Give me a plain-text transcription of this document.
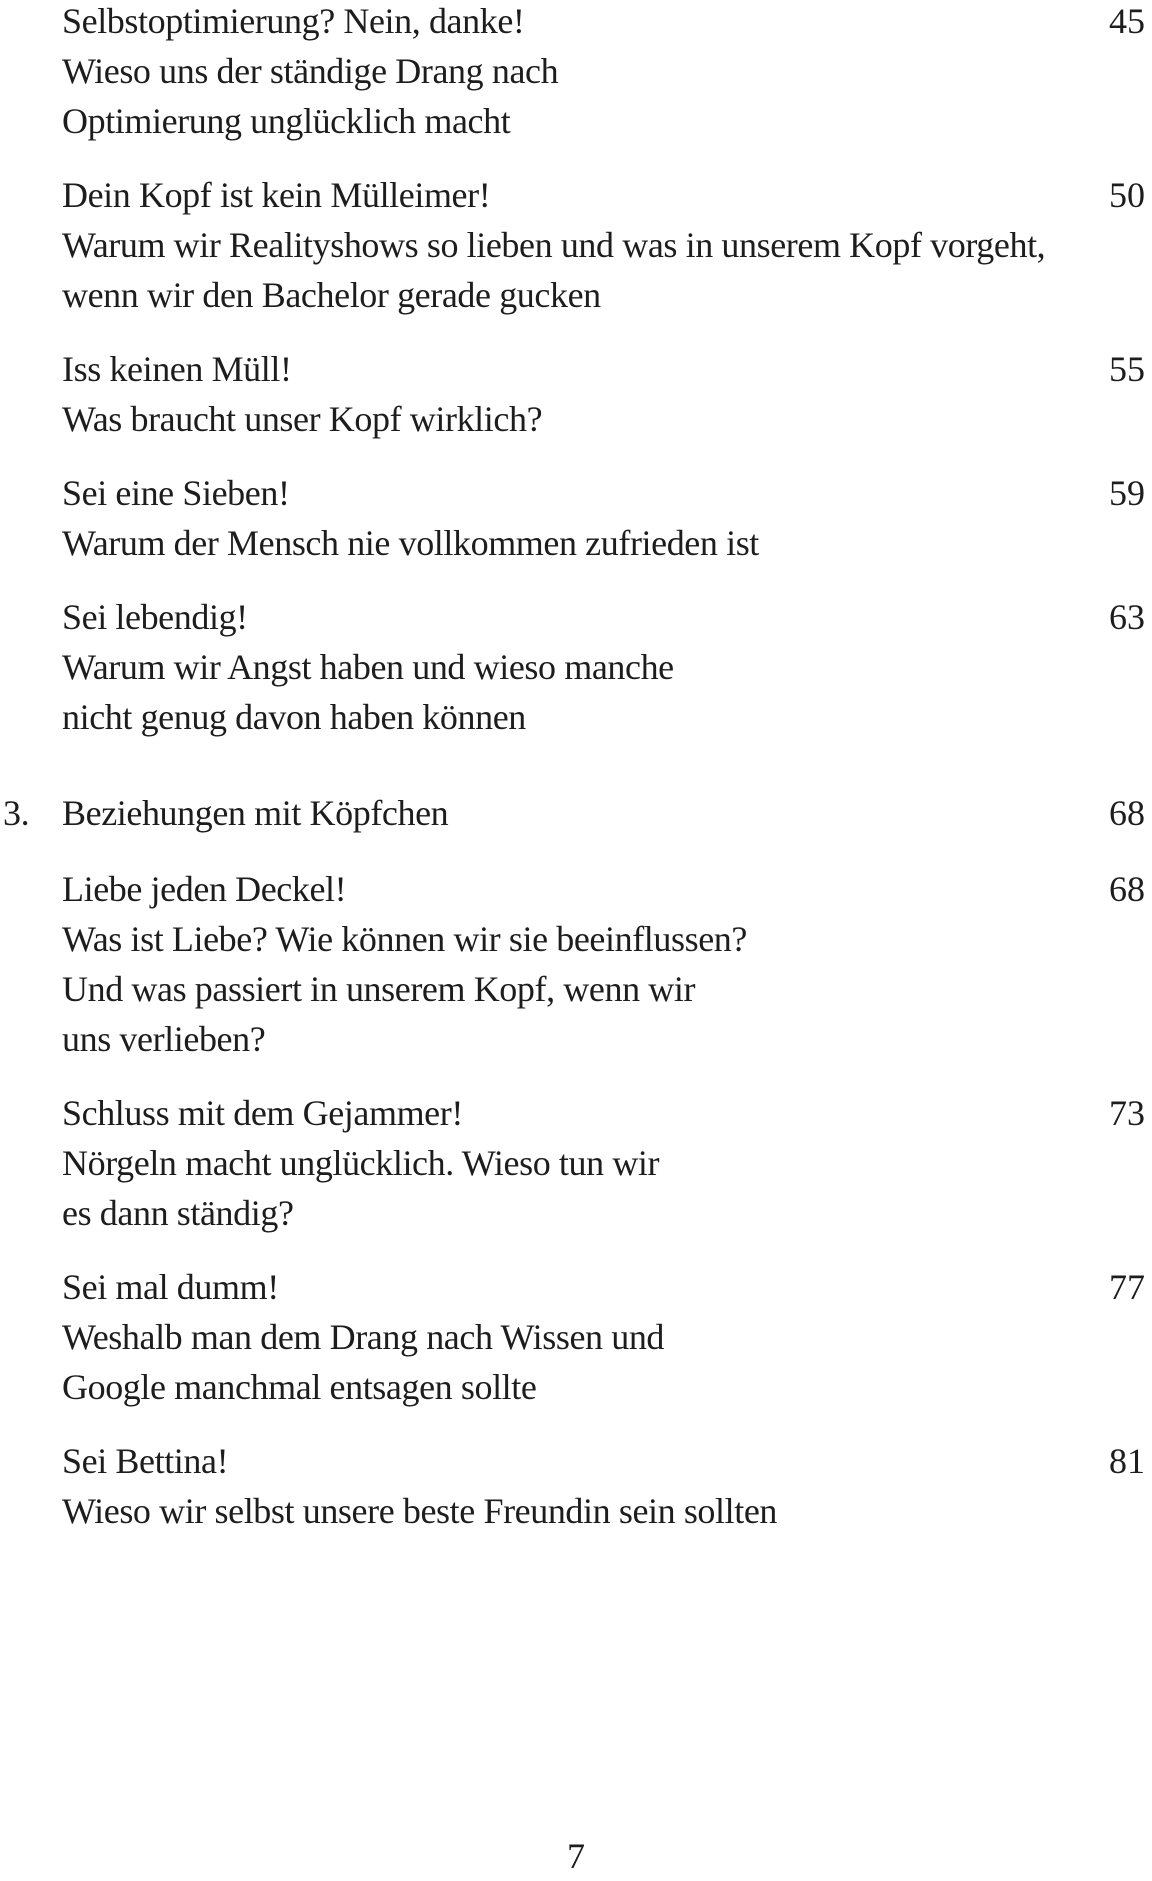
Selbstoptimierung? Nein, danke!	45
Wieso uns der ständige Drang nach
Optimierung unglücklich macht
Dein Kopf ist kein Mülleimer!	50
Warum wir Realityshows so lieben und was in unserem Kopf vorgeht,
wenn wir den Bachelor gerade gucken
Iss keinen Müll!	55
Was braucht unser Kopf wirklich?
Sei eine Sieben!	59
Warum der Mensch nie vollkommen zufrieden ist
Sei lebendig!	63
Warum wir Angst haben und wieso manche
nicht genug davon haben können
3. Beziehungen mit Köpfchen	68
Liebe jeden Deckel!	68
Was ist Liebe? Wie können wir sie beeinflussen?
Und was passiert in unserem Kopf, wenn wir
uns verlieben?
Schluss mit dem Gejammer!	73
Nörgeln macht unglücklich. Wieso tun wir
es dann ständig?
Sei mal dumm!	77
Weshalb man dem Drang nach Wissen und
Google manchmal entsagen sollte
Sei Bettina!	81
Wieso wir selbst unsere beste Freundin sein sollten
7
